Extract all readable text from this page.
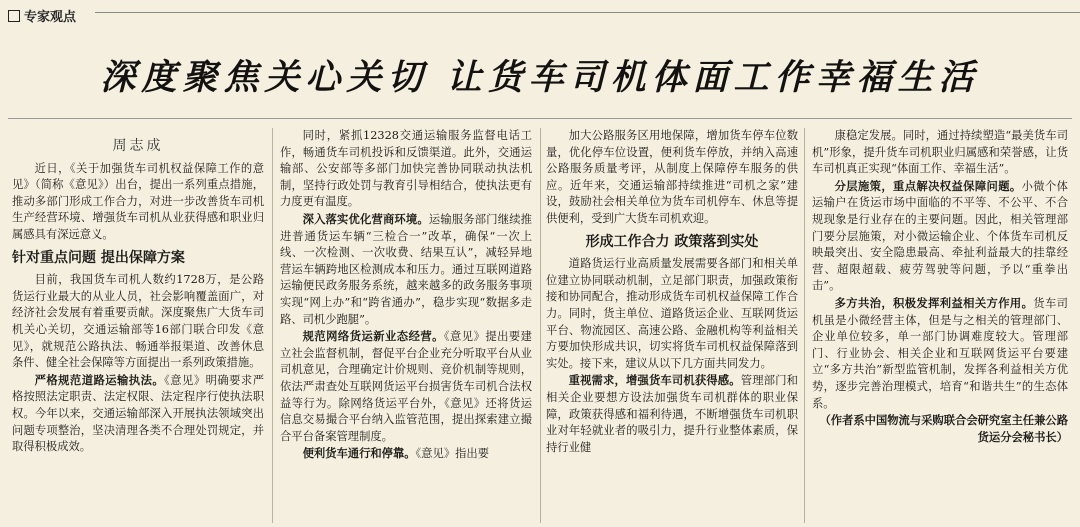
专家观点
深度聚焦关心关切 让货车司机体面工作幸福生活
周志成

近日，《关于加强货车司机权益保障工作的意见》（简称《意见》）出台，提出一系列重点措施，推动多部门形成工作合力，对进一步改善货车司机生产经营环境、增强货车司机从业获得感和职业归属感具有深远意义。

针对重点问题 提出保障方案

目前，我国货车司机人数约1728万，是公路货运行业最大的从业人员，社会影响覆盖面广，对经济社会发展有着重要贡献。深度聚焦广大货车司机关心关切，交通运输部等16部门联合印发《意见》，就规范公路执法、畅通举报渠道、改善休息条件、健全社会保障等方面提出一系列政策措施。

严格规范道路运输执法。《意见》明确要求严格按照法定职责、法定权限、法定程序行使执法职权。今年以来，交通运输部深入开展执法领域突出问题专项整治，坚决清理各类不合理处罚规定，并取得积极成效。

同时，紧抓12328交通运输服务监督电话工作，畅通货车司机投诉和反馈渠道。此外，交通运输部、公安部等多部门加快完善协同联动执法机制，坚持行政处罚与教育引导相结合，使执法更有力度更有温度。

深入落实优化营商环境。运输服务部门继续推进普通货运车辆“三检合一”改革，确保“一次上线、一次检测、一次收费、结果互认”，减轻异地营运车辆跨地区检测成本和压力。通过互联网道路运输便民政务服务系统，越来越多的政务服务事项实现“网上办”和“跨省通办”，稳步实现“数据多走路、司机少跑腿”。

规范网络货运新业态经营。《意见》提出要建立社会监督机制，督促平台企业充分听取平台从业司机意见，合理确定计价规则、竞价机制等规则，依法严肃查处互联网货运平台损害货车司机合法权益等行为。除网络货运平台外，《意见》还将货运信息交易撮合平台纳入监管范围，提出探索建立撮合平台备案管理制度。

便利货车通行和停靠。《意见》指出要

加大公路服务区用地保障，增加货车停车位数量，优化停车位设置，便利货车停放，并纳入高速公路服务质量考评，从制度上保障停车服务的供应。近年来，交通运输部持续推进“司机之家”建设，鼓励社会相关单位为货车司机停车、休息等提供便利，受到广大货车司机欢迎。

形成工作合力 政策落到实处

道路货运行业高质量发展需要各部门和相关单位建立协同联动机制，立足部门职责，加强政策衔接和协同配合，推动形成货车司机权益保障工作合力。同时，货主单位、道路货运企业、互联网货运平台、物流园区、高速公路、金融机构等利益相关方要加快形成共识，切实将货车司机权益保障落到实处。接下来，建议从以下几方面共同发力。

重视需求，增强货车司机获得感。管理部门和相关企业要想方设法加强货车司机群体的职业保障，政策获得感和福利待遇，不断增强货车司机职业对年轻就业者的吸引力，提升行业整体素质，保持行业健

康稳定发展。同时，通过持续塑造“最美货车司机”形象，提升货车司机职业归属感和荣誉感，让货车司机真正实现“体面工作、幸福生活”。

分层施策，重点解决权益保障问题。小微个体运输户在货运市场中面临的不平等、不公平、不合规现象是行业存在的主要问题。因此，相关管理部门要分层施策，对小微运输企业、个体货车司机反映最突出、安全隐患最高、牵扯利益最大的挂靠经营、超限超载、疲劳驾驶等问题，予以“重拳出击”。

多方共治，积极发挥利益相关方作用。货车司机虽是小微经营主体，但是与之相关的管理部门、企业单位较多，单一部门协调难度较大。管理部门、行业协会、相关企业和互联网货运平台要建立“多方共治”新型监管机制，发挥各利益相关方优势，逐步完善治理模式，培育“和谐共生”的生态体系。

（作者系中国物流与采购联合会研究室主任兼公路货运分会秘书长）
